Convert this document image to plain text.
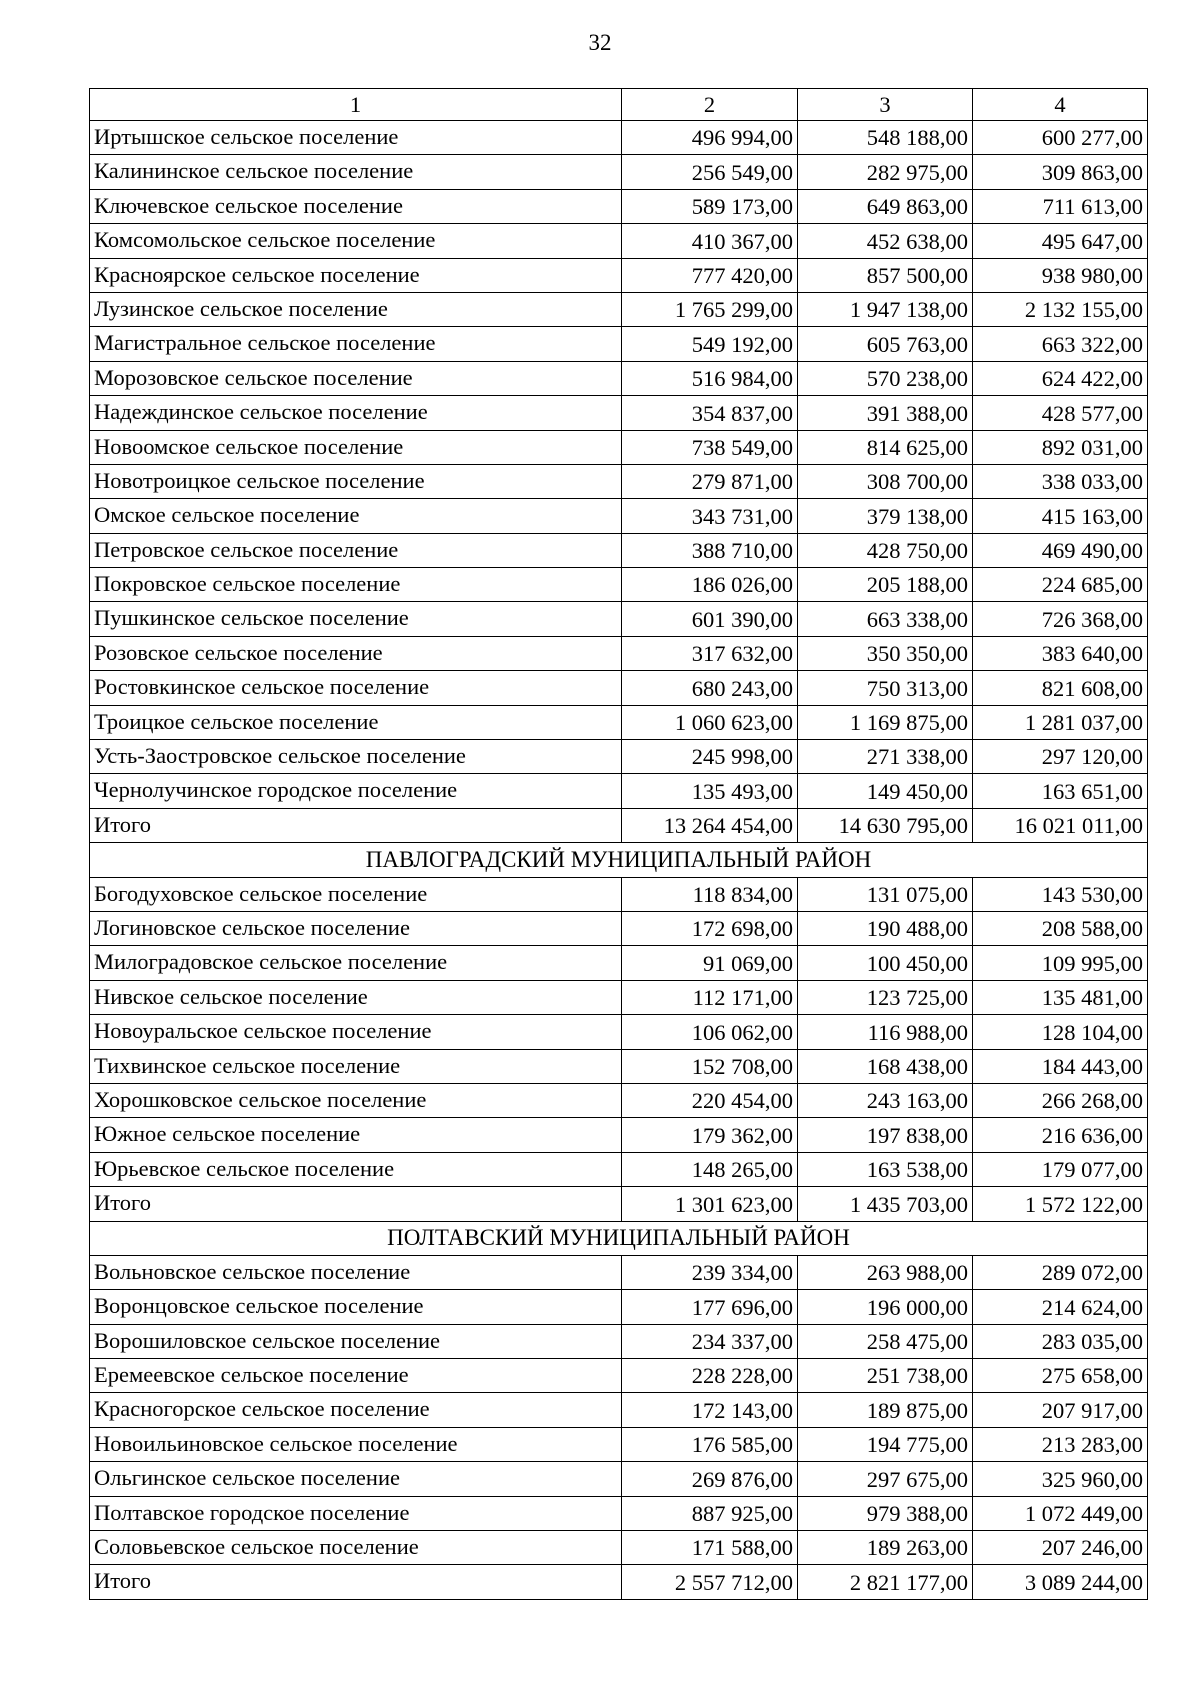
32
1	2	3	4
Иртышское сельское поселение	496 994,00	548 188,00	600 277,00
Калининское сельское поселение	256 549,00	282 975,00	309 863,00
Ключевское сельское поселение	589 173,00	649 863,00	711 613,00
Комсомольское сельское поселение	410 367,00	452 638,00	495 647,00
Красноярское сельское поселение	777 420,00	857 500,00	938 980,00
Лузинское сельское поселение	1 765 299,00	1 947 138,00	2 132 155,00
Магистральное сельское поселение	549 192,00	605 763,00	663 322,00
Морозовское сельское поселение	516 984,00	570 238,00	624 422,00
Надеждинское сельское поселение	354 837,00	391 388,00	428 577,00
Новоомское сельское поселение	738 549,00	814 625,00	892 031,00
Новотроицкое сельское поселение	279 871,00	308 700,00	338 033,00
Омское сельское поселение	343 731,00	379 138,00	415 163,00
Петровское сельское поселение	388 710,00	428 750,00	469 490,00
Покровское сельское поселение	186 026,00	205 188,00	224 685,00
Пушкинское сельское поселение	601 390,00	663 338,00	726 368,00
Розовское сельское поселение	317 632,00	350 350,00	383 640,00
Ростовкинское сельское поселение	680 243,00	750 313,00	821 608,00
Троицкое сельское поселение	1 060 623,00	1 169 875,00	1 281 037,00
Усть-Заостровское сельское поселение	245 998,00	271 338,00	297 120,00
Чернолучинское городское поселение	135 493,00	149 450,00	163 651,00
Итого	13 264 454,00	14 630 795,00	16 021 011,00
ПАВЛОГРАДСКИЙ МУНИЦИПАЛЬНЫЙ РАЙОН			
Богодуховское сельское поселение	118 834,00	131 075,00	143 530,00
Логиновское сельское поселение	172 698,00	190 488,00	208 588,00
Милоградовское сельское поселение	91 069,00	100 450,00	109 995,00
Нивское сельское поселение	112 171,00	123 725,00	135 481,00
Новоуральское сельское поселение	106 062,00	116 988,00	128 104,00
Тихвинское сельское поселение	152 708,00	168 438,00	184 443,00
Хорошковское сельское поселение	220 454,00	243 163,00	266 268,00
Южное сельское поселение	179 362,00	197 838,00	216 636,00
Юрьевское сельское поселение	148 265,00	163 538,00	179 077,00
Итого	1 301 623,00	1 435 703,00	1 572 122,00
ПОЛТАВСКИЙ МУНИЦИПАЛЬНЫЙ РАЙОН			
Вольновское сельское поселение	239 334,00	263 988,00	289 072,00
Воронцовское сельское поселение	177 696,00	196 000,00	214 624,00
Ворошиловское сельское поселение	234 337,00	258 475,00	283 035,00
Еремеевское сельское поселение	228 228,00	251 738,00	275 658,00
Красногорское сельское поселение	172 143,00	189 875,00	207 917,00
Новоильиновское сельское поселение	176 585,00	194 775,00	213 283,00
Ольгинское сельское поселение	269 876,00	297 675,00	325 960,00
Полтавское городское поселение	887 925,00	979 388,00	1 072 449,00
Соловьевское сельское поселение	171 588,00	189 263,00	207 246,00
Итого	2 557 712,00	2 821 177,00	3 089 244,00
